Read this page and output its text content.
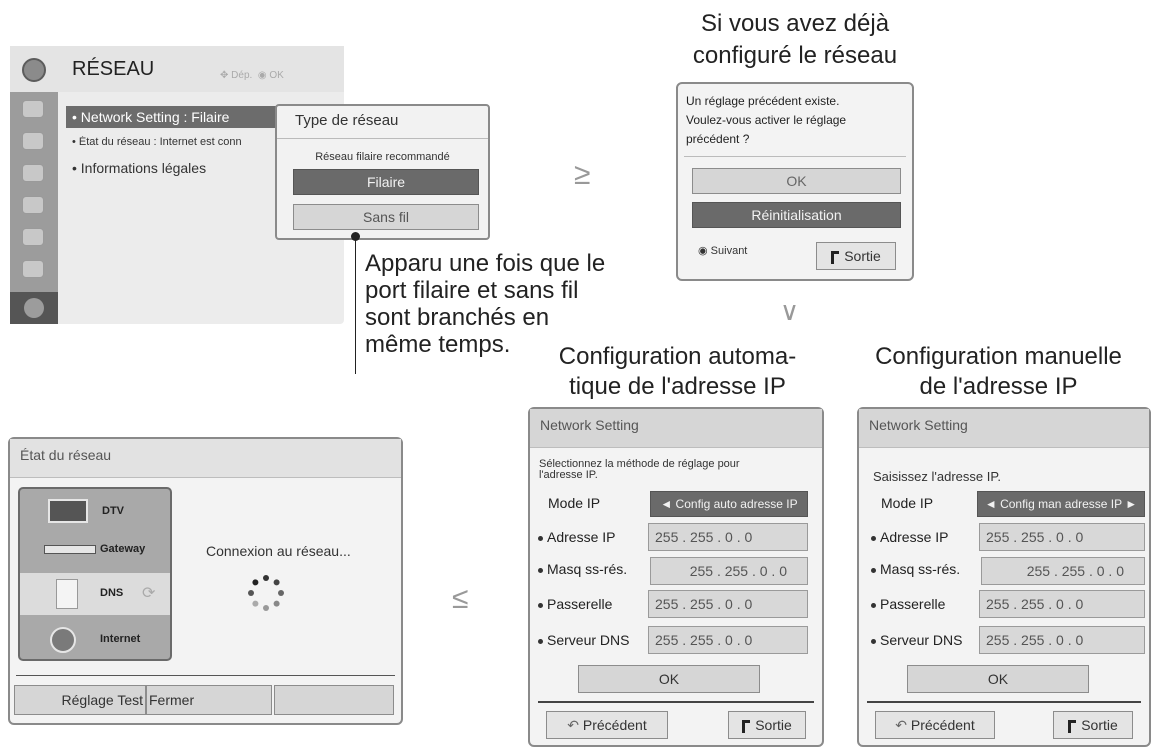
RÉSEAU	✥ Dép. ◉ OK
• Network Setting : Filaire
• État du réseau : Internet est conn
• Informations légales
Type de réseau
Réseau filaire recommandé
Filaire
Sans fil
Apparu une fois que le
port filaire et sans fil
sont branchés en
même temps.
≥
Si vous avez déjà
configuré le réseau
Un réglage précédent existe.
Voulez-vous activer le réglage
précédent ?
OK
Réinitialisation
◉ Suivant	Sortie
∨
Configuration automa-
tique de l'adresse IP
Network Setting
Sélectionnez la méthode de réglage pour
l'adresse IP.
Mode IP	◄ Config auto adresse IP
Adresse IP	255 . 255 . 0 . 0
Masq ss-rés.	255 . 255 . 0 . 0
Passerelle	255 . 255 . 0 . 0
Serveur DNS	255 . 255 . 0 . 0
OK
↶ Précédent	Sortie
Configuration manuelle
de l'adresse IP
Network Setting
Saisissez l'adresse IP.
Mode IP	◄ Config man adresse IP ►
Adresse IP	255 . 255 . 0 . 0
Masq ss-rés.	255 . 255 . 0 . 0
Passerelle	255 . 255 . 0 . 0
Serveur DNS	255 . 255 . 0 . 0
OK
↶ Précédent	Sortie
≤
État du réseau
DTV
Gateway
DNS ⟳
Internet
Connexion au réseau...
Réglage Test Fermer
